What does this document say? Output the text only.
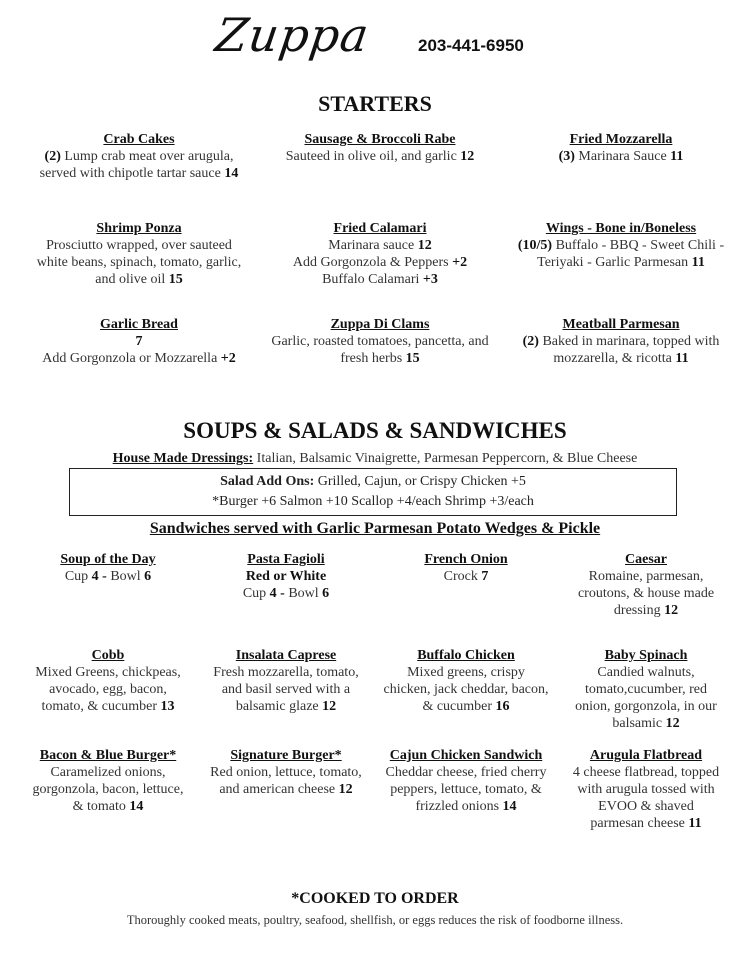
Zuppa	203-441-6950
STARTERS
Crab Cakes
(2) Lump crab meat over arugula,
served with chipotle tartar sauce 14
Sausage & Broccoli Rabe
Sauteed in olive oil, and garlic 12
Fried Mozzarella
(3) Marinara Sauce 11
Shrimp Ponza
Prosciutto wrapped, over sauteed
white beans, spinach, tomato, garlic,
and olive oil 15
Fried Calamari
Marinara sauce 12
Add Gorgonzola & Peppers +2
Buffalo Calamari +3
Wings - Bone in/Boneless
(10/5) Buffalo - BBQ - Sweet Chili -
Teriyaki - Garlic Parmesan 11
Garlic Bread
7
Add Gorgonzola or Mozzarella +2
Zuppa Di Clams
Garlic, roasted tomatoes, pancetta, and
fresh herbs 15
Meatball Parmesan
(2) Baked in marinara, topped with
mozzarella, & ricotta 11
SOUPS & SALADS & SANDWICHES
House Made Dressings: Italian, Balsamic Vinaigrette, Parmesan Peppercorn, & Blue Cheese
Salad Add Ons: Grilled, Cajun, or Crispy Chicken +5
*Burger +6 Salmon +10 Scallop +4/each Shrimp +3/each
Sandwiches served with Garlic Parmesan Potato Wedges & Pickle
Soup of the Day
Cup 4 - Bowl 6
Pasta Fagioli
Red or White
Cup 4 - Bowl 6
French Onion
Crock 7
Caesar
Romaine, parmesan,
croutons, & house made
dressing 12
Cobb
Mixed Greens, chickpeas,
avocado, egg, bacon,
tomato, & cucumber 13
Insalata Caprese
Fresh mozzarella, tomato,
and basil served with a
balsamic glaze 12
Buffalo Chicken
Mixed greens, crispy
chicken, jack cheddar, bacon,
& cucumber 16
Baby Spinach
Candied walnuts,
tomato,cucumber, red
onion, gorgonzola, in our
balsamic 12
Bacon & Blue Burger*
Caramelized onions,
gorgonzola, bacon, lettuce,
& tomato 14
Signature Burger*
Red onion, lettuce, tomato,
and american cheese 12
Cajun Chicken Sandwich
Cheddar cheese, fried cherry
peppers, lettuce, tomato, &
frizzled onions 14
Arugula Flatbread
4 cheese flatbread, topped
with arugula tossed with
EVOO & shaved
parmesan cheese 11
*COOKED TO ORDER
Thoroughly cooked meats, poultry, seafood, shellfish, or eggs reduces the risk of foodborne illness.
